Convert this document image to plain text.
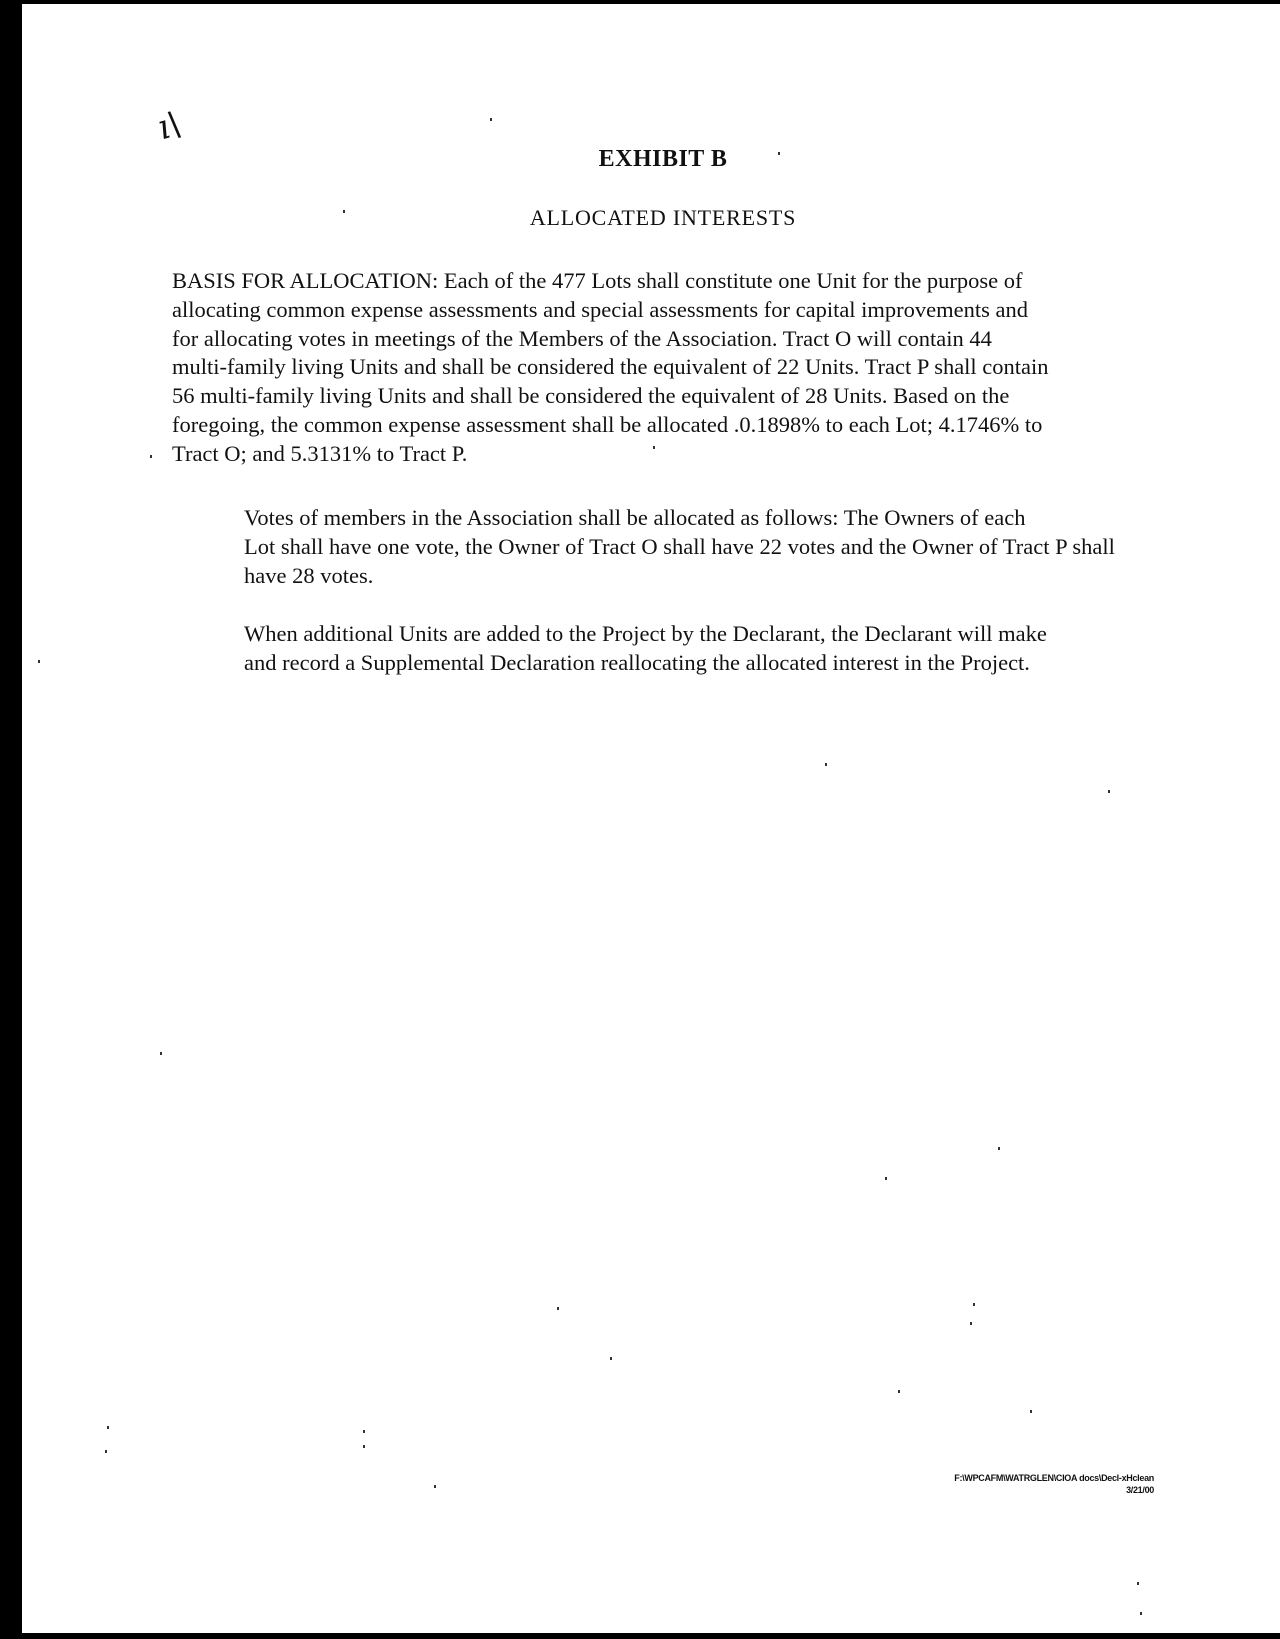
ı\
EXHIBIT B
ALLOCATED INTERESTS

BASIS FOR ALLOCATION: Each of the 477 Lots shall constitute one Unit for the purpose of
allocating common expense assessments and special assessments for capital improvements and
for allocating votes in meetings of the Members of the Association. Tract O will contain 44
multi-family living Units and shall be considered the equivalent of 22 Units. Tract P shall contain
56 multi-family living Units and shall be considered the equivalent of 28 Units. Based on the
foregoing, the common expense assessment shall be allocated .0.1898% to each Lot; 4.1746% to
Tract O; and 5.3131% to Tract P.

Votes of members in the Association shall be allocated as follows: The Owners of each
Lot shall have one vote, the Owner of Tract O shall have 22 votes and the Owner of Tract P shall
have 28 votes.

When additional Units are added to the Project by the Declarant, the Declarant will make
and record a Supplemental Declaration reallocating the allocated interest in the Project.

F:\WPCAFM\WATRGLEN\CIOA docs\Decl-xHclean
3/21/00
